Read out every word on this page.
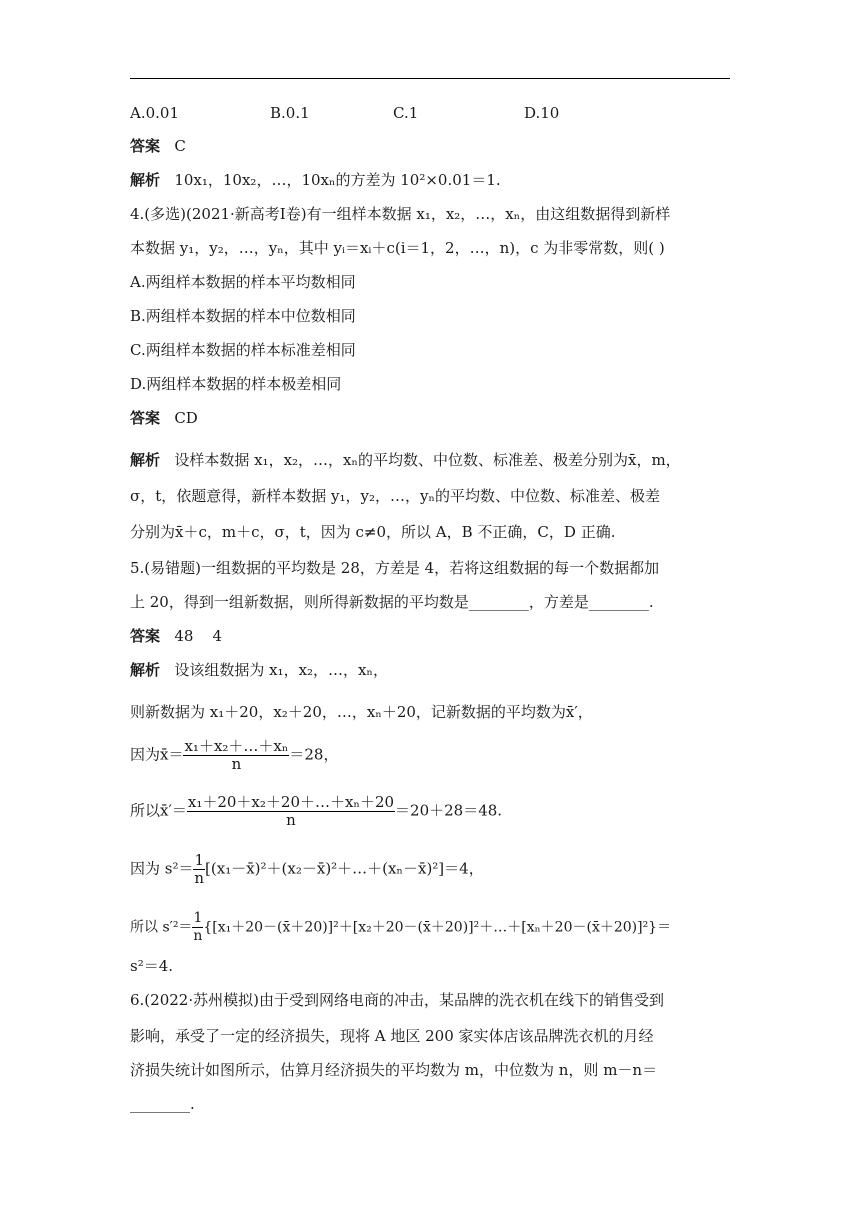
A.0.01	B.0.1	C.1	D.10
答案 C
解析 10x₁，10x₂，…，10xₙ的方差为 10²×0.01＝1.
4.(多选)(2021·新高考Ⅰ卷)有一组样本数据 x₁，x₂，…，xₙ，由这组数据得到新样
本数据 y₁，y₂，…，yₙ，其中 yᵢ＝xᵢ＋c(i＝1，2，…，n)，c 为非零常数，则( )
A.两组样本数据的样本平均数相同
B.两组样本数据的样本中位数相同
C.两组样本数据的样本标准差相同
D.两组样本数据的样本极差相同
答案 CD
解析 设样本数据 x₁，x₂，…，xₙ的平均数、中位数、标准差、极差分别为x̄，m，
σ，t，依题意得，新样本数据 y₁，y₂，…，yₙ的平均数、中位数、标准差、极差
分别为x̄＋c，m＋c，σ，t，因为 c≠0，所以 A，B 不正确，C，D 正确.
5.(易错题)一组数据的平均数是 28，方差是 4，若将这组数据的每一个数据都加
上 20，得到一组新数据，则所得新数据的平均数是________，方差是________.
答案 48    4
解析 设该组数据为 x₁，x₂，…，xₙ，
则新数据为 x₁＋20，x₂＋20，…，xₙ＋20，记新数据的平均数为x̄′，
因为x̄＝ $\frac{\text{x₁＋x₂＋…＋xₙ}}{n} =28$，
所以x̄′＝ $\frac{\text{x₁＋20＋x₂＋20＋…＋xₙ＋20}}{n} =20+28=48$.
因为 $s^2= \frac{1}{n}$ [(x₁－x̄)²＋(x₂－x̄)²＋…＋(xₙ－x̄)²]＝4，
所以 $s'^2= \frac{1}{n}$ {[x₁＋20－(x̄＋20)]²＋[x₂＋20－(x̄＋20)]²＋…＋[xₙ＋20－(x̄＋20)]²}＝
s²＝4.
6.(2022·苏州模拟)由于受到网络电商的冲击，某品牌的洗衣机在线下的销售受到
影响，承受了一定的经济损失，现将 A 地区 200 家实体店该品牌洗衣机的月经
济损失统计如图所示，估算月经济损失的平均数为 m，中位数为 n，则 m－n＝
________.
